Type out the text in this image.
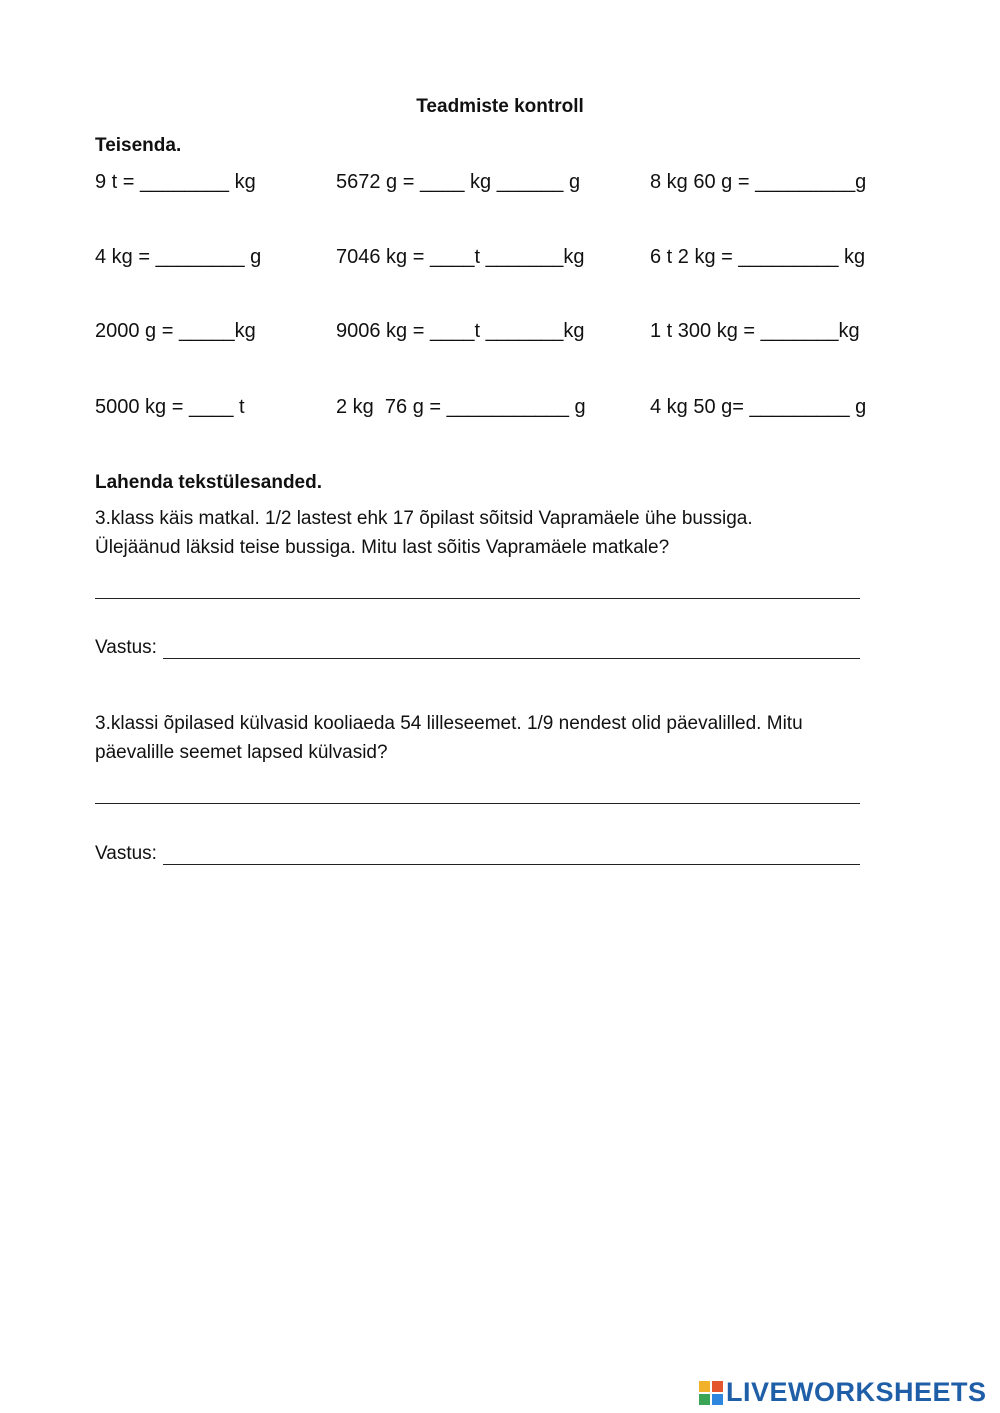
Teadmiste kontroll
Teisenda.
9 t = ________ kg	5672 g = ____ kg ______ g	8 kg 60 g = _________g
4 kg = ________ g	7046 kg = ____t _______kg	6 t 2 kg = _________ kg
2000 g = _____kg	9006 kg = ____t _______kg	1 t 300 kg = _______kg
5000 kg = ____ t	2 kg  76 g = ___________ g	4 kg 50 g= _________ g
Lahenda tekstülesanded.
3.klass käis matkal. 1/2 lastest ehk 17 õpilast sõitsid Vapramäele ühe bussiga.
Ülejäänud läksid teise bussiga. Mitu last sõitis Vapramäele matkale?
Vastus:
3.klassi õpilased külvasid kooliaeda 54 lilleseemet. 1/9 nendest olid päevalilled. Mitu
päevalille seemet lapsed külvasid?
Vastus:
LIVEWORKSHEETS
